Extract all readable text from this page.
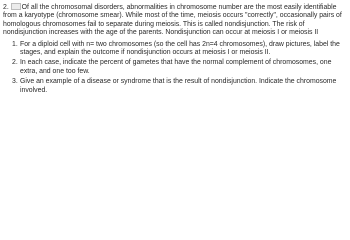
2. Of all the chromosomal disorders, abnormalities in chromosome number are the most easily identifiable from a karyotype (chromosome smear). While most of the time, meiosis occurs "correctly", occasionally pairs of homologous chromosomes fail to separate during meiosis. This is called nondisjunction. The risk of nondisjunction increases with the age of the parents. Nondisjunction can occur at meiosis I or meiosis II

1. For a diploid cell with n= two chromosomes (so the cell has 2n=4 chromosomes), draw pictures, label the stages, and explain the outcome if nondisjunction occurs at meiosis I or meiosis II.
2. In each case, indicate the percent of gametes that have the normal complement of chromosomes, one extra, and one too few.
3. Give an example of a disease or syndrome that is the result of nondisjunction. Indicate the chromosome involved.
